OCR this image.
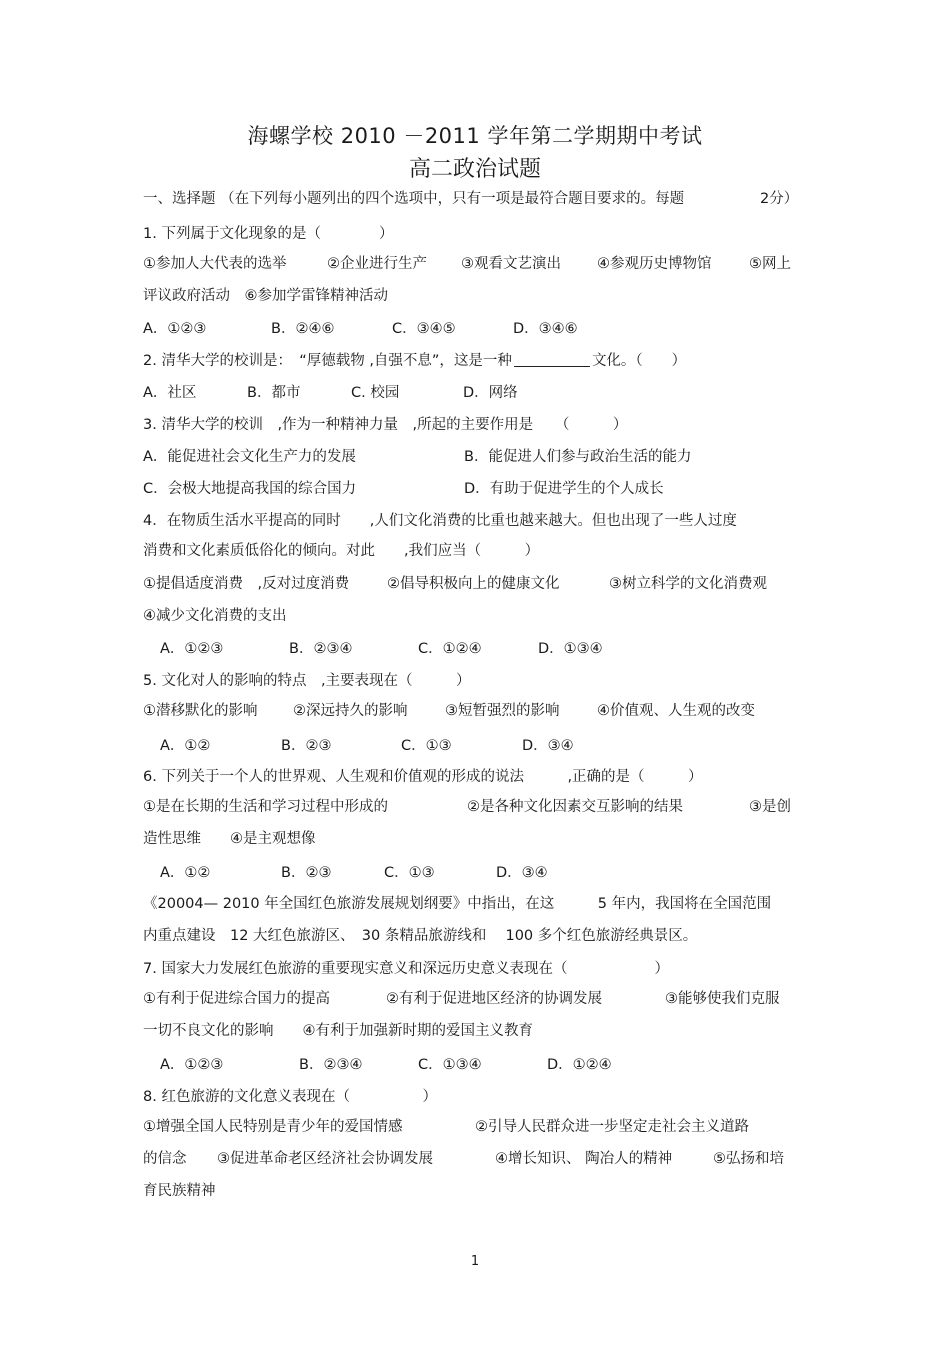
海螺学校 2010 －2011 学年第二学期期中考试
高二政治试题
一、选择题 （在下列每小题列出的四个选项中，只有一项是最符合题目要求的。每题	2分）
1. 下列属于文化现象的是（　　　　）
①参加人大代表的选举	②企业进行生产 ③观看文艺演出 ④参观历史博物馆	⑤网上
评议政府活动　⑥参加学雷锋精神活动
A．①②③	B．②④⑥	C．③④⑤	D．③④⑥
2. 清华大学的校训是：　“厚德载物 ,自强不息”，这是一种	文化。（　　）
A．社区	B．都市	C. 校园	D．网络
3. 清华大学的校训　,作为一种精神力量　,所起的主要作用是　　（　　　）
A．能促进社会文化生产力的发展	B．能促进人们参与政治生活的能力
C．会极大地提高我国的综合国力	D．有助于促进学生的个人成长
4．在物质生活水平提高的同时　　,人们文化消费的比重也越来越大。但也出现了一些人过度
消费和文化素质低俗化的倾向。对此　　,我们应当（　　　）
①提倡适度消费　,反对过度消费	②倡导积极向上的健康文化	③树立科学的文化消费观
④减少文化消费的支出
A．①②③	B．②③④	C．①②④	D．①③④
5. 文化对人的影响的特点　,主要表现在（　　　）
①潜移默化的影响 ②深远持久的影响	③短暂强烈的影响	④价值观、人生观的改变
A．①②	B．②③	C．①③	D．③④
6. 下列关于一个人的世界观、人生观和价值观的形成的说法　　　,正确的是（　　　）
①是在长期的生活和学习过程中形成的	②是各种文化因素交互影响的结果	③是创
造性思维　　④是主观想像
A．①②	B．②③	C．①③	D．③④
《20004— 2010 年全国红色旅游发展规划纲要》中指出，在这　　　5 年内，我国将在全国范围
内重点建设　12 大红色旅游区、　30 条精品旅游线和　 100 多个红色旅游经典景区。
7. 国家大力发展红色旅游的重要现实意义和深远历史意义表现在（　　　　　　）
①有利于促进综合国力的提高	②有利于促进地区经济的协调发展	③能够使我们克服
一切不良文化的影响　　④有利于加强新时期的爱国主义教育
A．①②③	B．②③④	C．①③④	D．①②④
8. 红色旅游的文化意义表现在（　　　　　）
①增强全国人民特别是青少年的爱国情感	②引导人民群众进一步坚定走社会主义道路
的信念 ③促进革命老区经济社会协调发展	④增长知识、 陶冶人的精神	⑤弘扬和培
育民族精神
1
